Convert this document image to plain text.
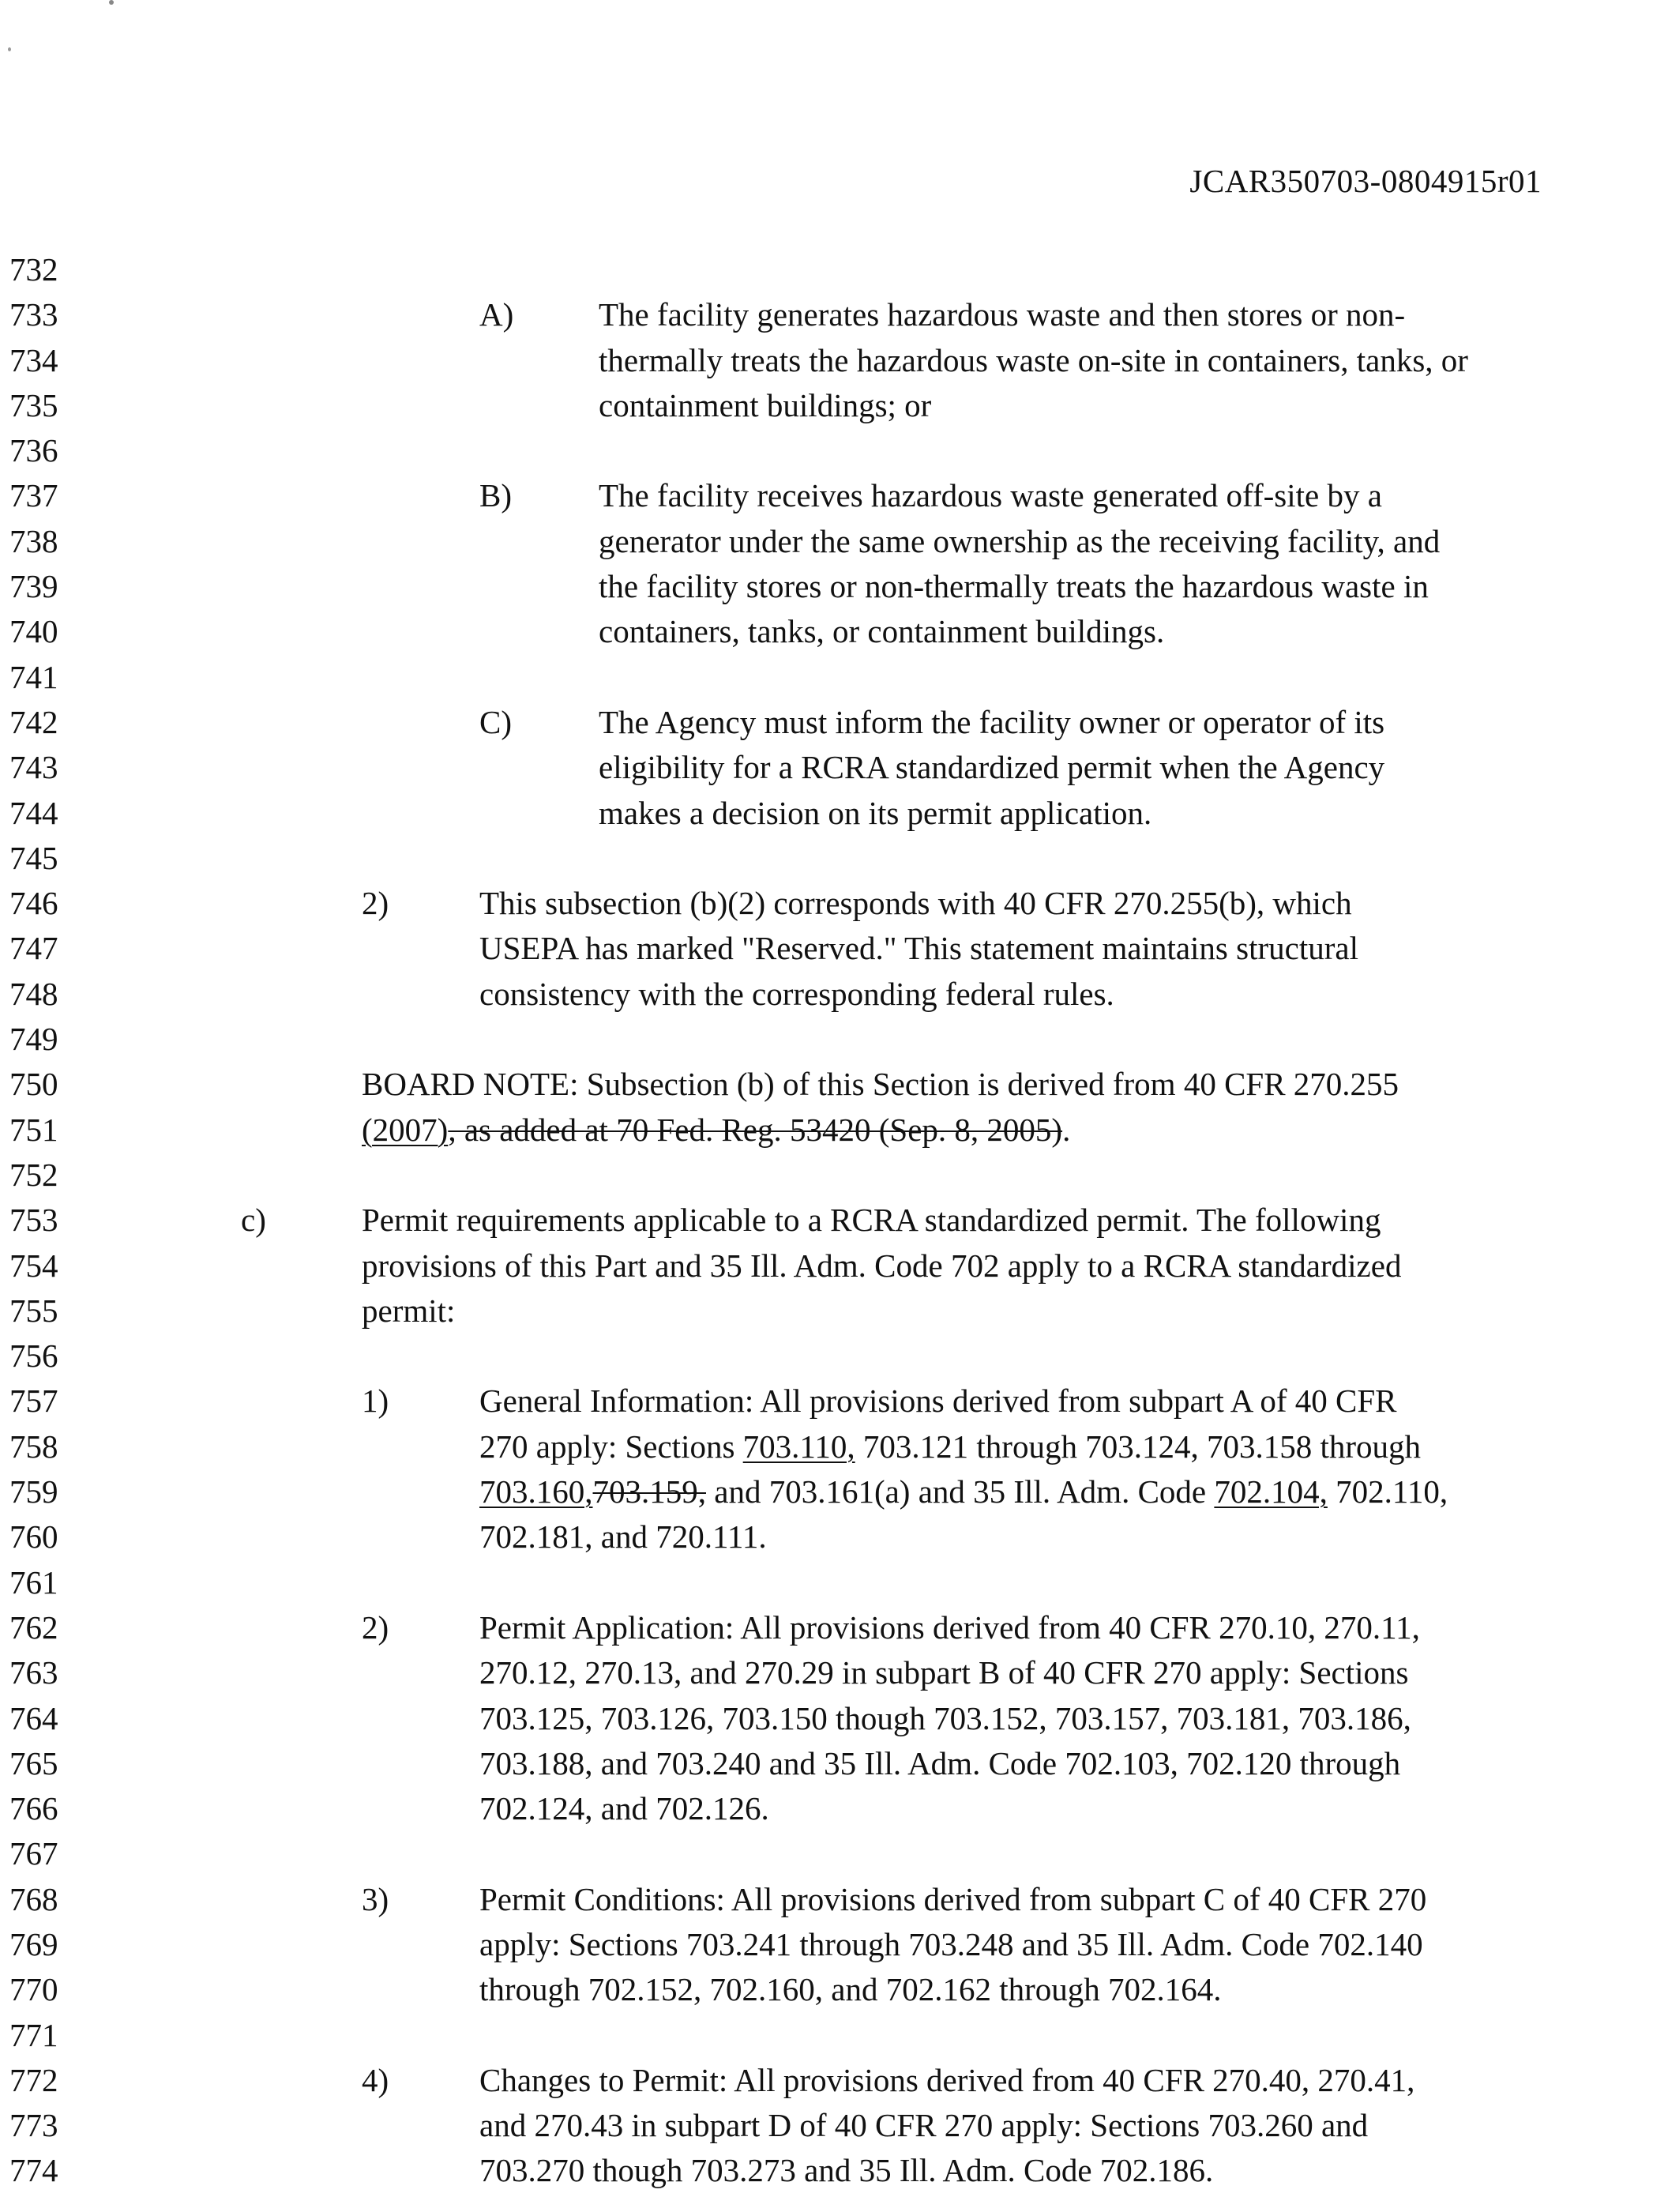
JCAR350703-0804915r01
732
733
734
735
736
737
738
739
740
741
742
743
744
745
746
747
748
749
750
751
752
753
754
755
756
757
758
759
760
761
762
763
764
765
766
767
768
769
770
771
772
773
774
A)	The facility generates hazardous waste and then stores or non-
thermally treats the hazardous waste on-site in containers, tanks, or
containment buildings; or
B)	The facility receives hazardous waste generated off-site by a
generator under the same ownership as the receiving facility, and
the facility stores or non-thermally treats the hazardous waste in
containers, tanks, or containment buildings.
C)	The Agency must inform the facility owner or operator of its
eligibility for a RCRA standardized permit when the Agency
makes a decision on its permit application.
2)	This subsection (b)(2) corresponds with 40 CFR 270.255(b), which
USEPA has marked "Reserved." This statement maintains structural
consistency with the corresponding federal rules.
BOARD NOTE: Subsection (b) of this Section is derived from 40 CFR 270.255
(2007), as added at 70 Fed. Reg. 53420 (Sep. 8, 2005).
c)	Permit requirements applicable to a RCRA standardized permit. The following
provisions of this Part and 35 Ill. Adm. Code 702 apply to a RCRA standardized
permit:
1)	General Information: All provisions derived from subpart A of 40 CFR
270 apply: Sections 703.110, 703.121 through 703.124, 703.158 through
703.160,703.159, and 703.161(a) and 35 Ill. Adm. Code 702.104, 702.110,
702.181, and 720.111.
2)	Permit Application: All provisions derived from 40 CFR 270.10, 270.11,
270.12, 270.13, and 270.29 in subpart B of 40 CFR 270 apply: Sections
703.125, 703.126, 703.150 though 703.152, 703.157, 703.181, 703.186,
703.188, and 703.240 and 35 Ill. Adm. Code 702.103, 702.120 through
702.124, and 702.126.
3)	Permit Conditions: All provisions derived from subpart C of 40 CFR 270
apply: Sections 703.241 through 703.248 and 35 Ill. Adm. Code 702.140
through 702.152, 702.160, and 702.162 through 702.164.
4)	Changes to Permit: All provisions derived from 40 CFR 270.40, 270.41,
and 270.43 in subpart D of 40 CFR 270 apply: Sections 703.260 and
703.270 though 703.273 and 35 Ill. Adm. Code 702.186.
